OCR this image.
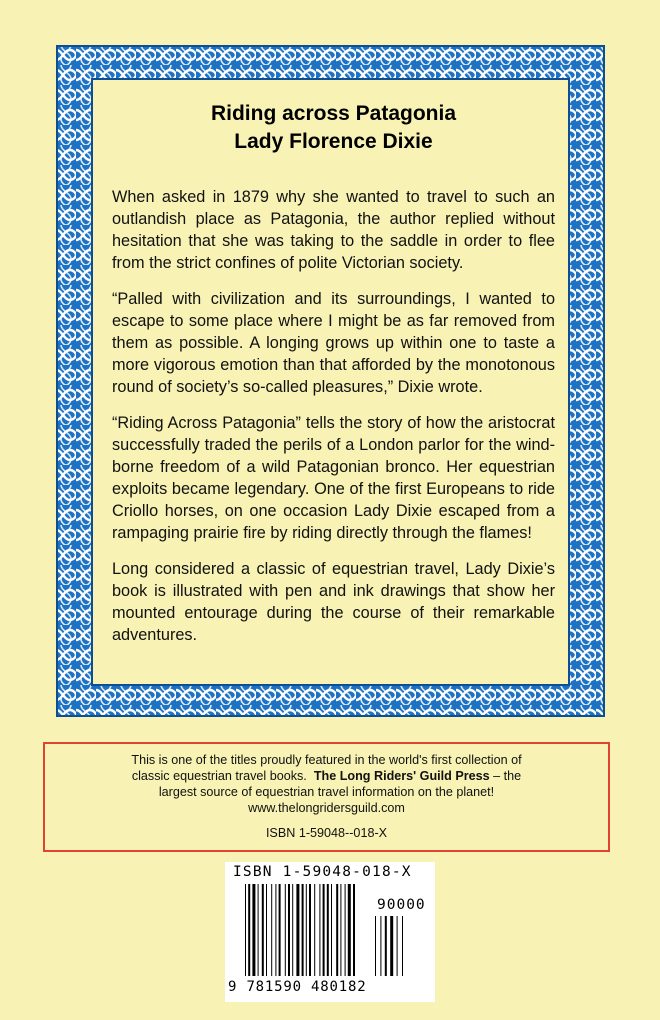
Riding across Patagonia
Lady Florence Dixie

When asked in 1879 why she wanted to travel to such an outlandish place as Patagonia, the author replied without hesitation that she was taking to the saddle in order to flee from the strict confines of polite Victorian society.

“Palled with civilization and its surroundings, I wanted to escape to some place where I might be as far removed from them as possible. A longing grows up within one to taste a more vigorous emotion than that afforded by the monotonous round of society’s so-called pleasures,” Dixie wrote.

“Riding Across Patagonia” tells the story of how the aristocrat successfully traded the perils of a London parlor for the wind-borne freedom of a wild Patagonian bronco. Her equestrian exploits became legendary. One of the first Europeans to ride Criollo horses, on one occasion Lady Dixie escaped from a rampaging prairie fire by riding directly through the flames!

Long considered a classic of equestrian travel, Lady Dixie’s book is illustrated with pen and ink drawings that show her mounted entourage during the course of their remarkable adventures.

This is one of the titles proudly featured in the world's first collection of
classic equestrian travel books. The Long Riders' Guild Press – the
largest source of equestrian travel information on the planet!
www.thelongridersguild.com
ISBN 1-59048--018-X
ISBN 1-59048-018-X
90000
9 781590 480182
